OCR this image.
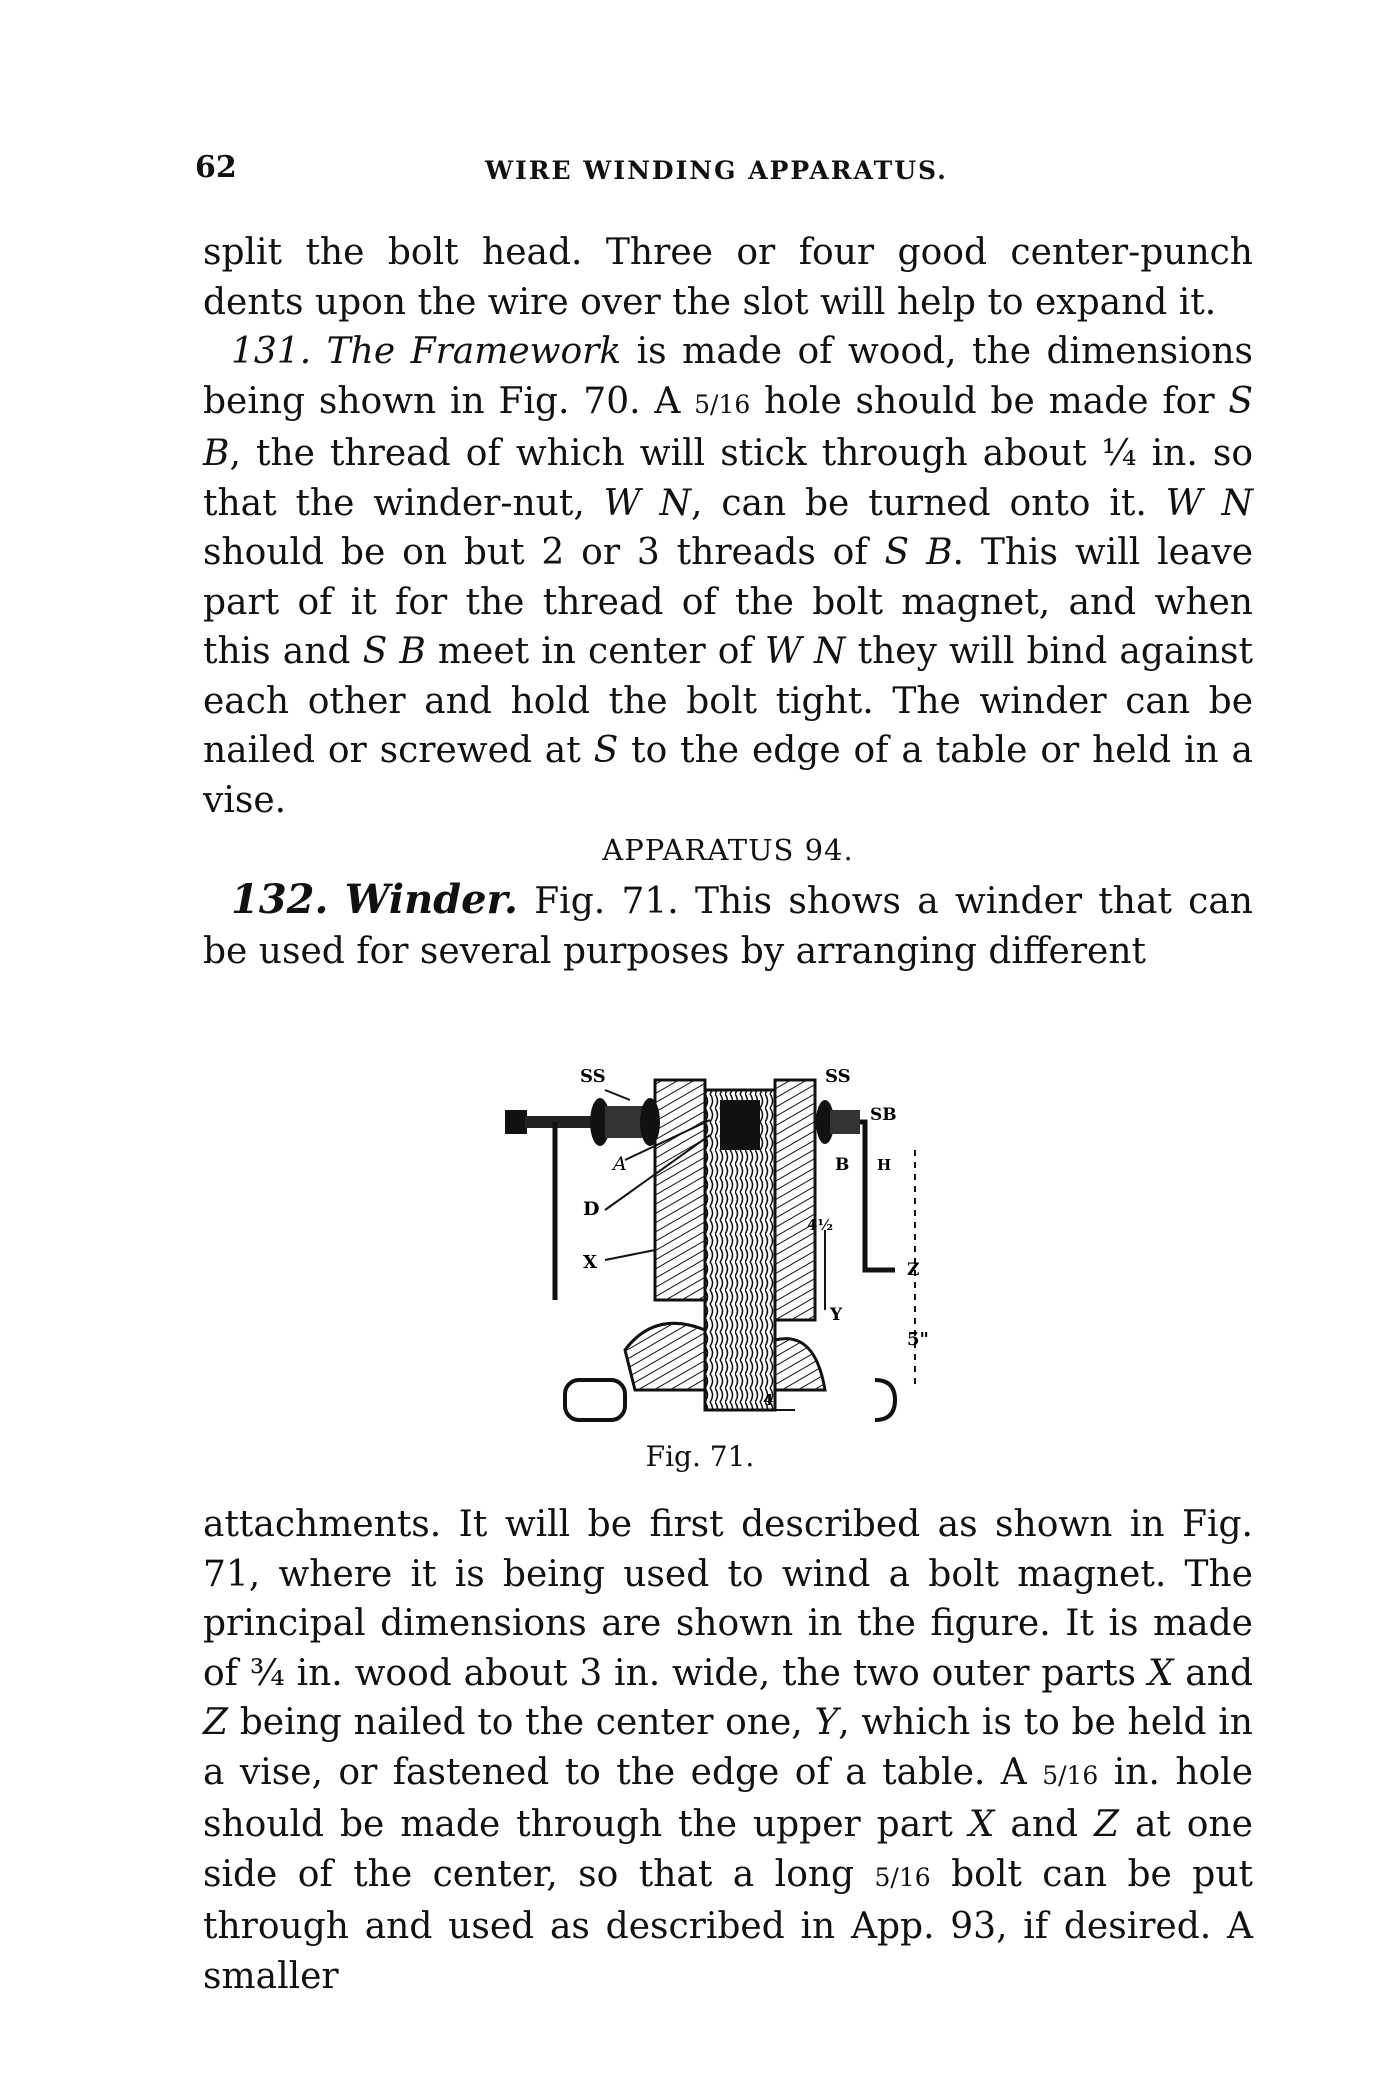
62	WIRE WINDING APPARATUS.

split the bolt head. Three or four good center-punch dents upon the wire over the slot will help to expand it.

131. The Framework is made of wood, the dimensions being shown in Fig. 70. A 5/16 hole should be made for S B, the thread of which will stick through about ¼ in. so that the winder-nut, W N, can be turned onto it. W N should be on but 2 or 3 threads of S B. This will leave part of it for the thread of the bolt magnet, and when this and S B meet in center of W N they will bind against each other and hold the bolt tight. The winder can be nailed or screwed at S to the edge of a table or held in a vise.

APPARATUS 94.

132. Winder. Fig. 71. This shows a winder that can be used for several purposes by arranging different

SS	SS
SB
A
D
X
B H
Z
Y
5"
4½
4
Fig. 71.

attachments. It will be first described as shown in Fig. 71, where it is being used to wind a bolt magnet. The principal dimensions are shown in the figure. It is made of ¾ in. wood about 3 in. wide, the two outer parts X and Z being nailed to the center one, Y, which is to be held in a vise, or fastened to the edge of a table. A 5/16 in. hole should be made through the upper part X and Z at one side of the center, so that a long 5/16 bolt can be put through and used as described in App. 93, if desired. A smaller
